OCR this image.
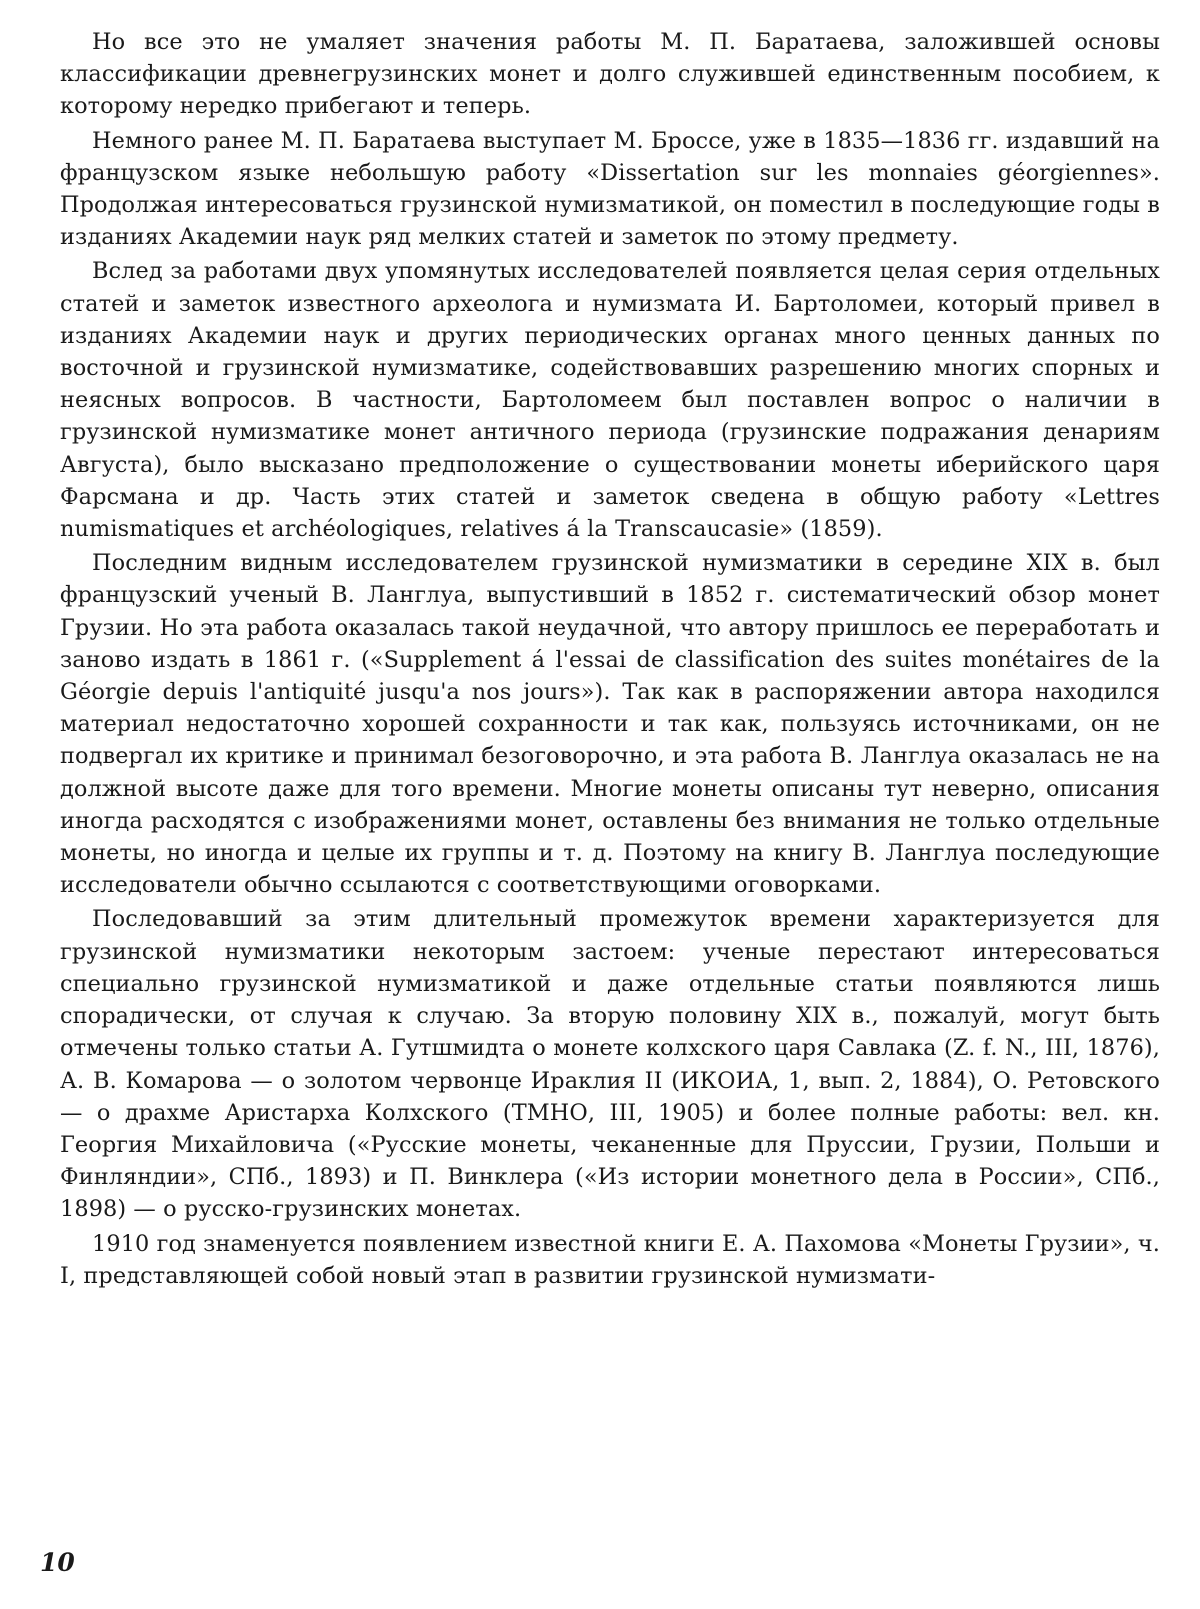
Но все это не умаляет значения работы М. П. Баратаева, заложившей основы классификации древнегрузинских монет и долго служившей единственным пособием, к которому нередко прибегают и теперь.

Немного ранее М. П. Баратаева выступает М. Броссе, уже в 1835—1836 гг. издавший на французском языке небольшую работу «Dissertation sur les monnaies géorgiennes». Продолжая интересоваться грузинской нумизматикой, он поместил в последующие годы в изданиях Академии наук ряд мелких статей и заметок по этому предмету.

Вслед за работами двух упомянутых исследователей появляется целая серия отдельных статей и заметок известного археолога и нумизмата И. Бартоломеи, который привел в изданиях Академии наук и других периодических органах много ценных данных по восточной и грузинской нумизматике, содействовавших разрешению многих спорных и неясных вопросов. В частности, Бартоломеем был поставлен вопрос о наличии в грузинской нумизматике монет античного периода (грузинские подражания денариям Августа), было высказано предположение о существовании монеты иберийского царя Фарсмана и др. Часть этих статей и заметок сведена в общую работу «Lettres numismatiques et archéologiques, relatives á la Transcaucasie» (1859).

Последним видным исследователем грузинской нумизматики в середине XIX в. был французский ученый В. Ланглуа, выпустивший в 1852 г. систематический обзор монет Грузии. Но эта работа оказалась такой неудачной, что автору пришлось ее переработать и заново издать в 1861 г. («Supplement á l'essai de classification des suites monétaires de la Géorgie depuis l'antiquité jusqu'a nos jours»). Так как в распоряжении автора находился материал недостаточно хорошей сохранности и так как, пользуясь источниками, он не подвергал их критике и принимал безоговорочно, и эта работа В. Ланглуа оказалась не на должной высоте даже для того времени. Многие монеты описаны тут неверно, описания иногда расходятся с изображениями монет, оставлены без внимания не только отдельные монеты, но иногда и целые их группы и т. д. Поэтому на книгу В. Ланглуа последующие исследователи обычно ссылаются с соответствующими оговорками.

Последовавший за этим длительный промежуток времени характеризуется для грузинской нумизматики некоторым застоем: ученые перестают интересоваться специально грузинской нумизматикой и даже отдельные статьи появляются лишь спорадически, от случая к случаю. За вторую половину XIX в., пожалуй, могут быть отмечены только статьи А. Гутшмидта о монете колхского царя Савлака (Z. f. N., III, 1876), А. В. Комарова — о золотом червонце Ираклия II (ИКОИА, 1, вып. 2, 1884), О. Ретовского — о драхме Аристарха Колхского (ТМНО, III, 1905) и более полные работы: вел. кн. Георгия Михайловича («Русские монеты, чеканенные для Пруссии, Грузии, Польши и Финляндии», СПб., 1893) и П. Винклера («Из истории монетного дела в России», СПб., 1898) — о русско-грузинских монетах.

1910 год знаменуется появлением известной книги Е. А. Пахомова «Монеты Грузии», ч. I, представляющей собой новый этап в развитии грузинской нумизмати-

10
